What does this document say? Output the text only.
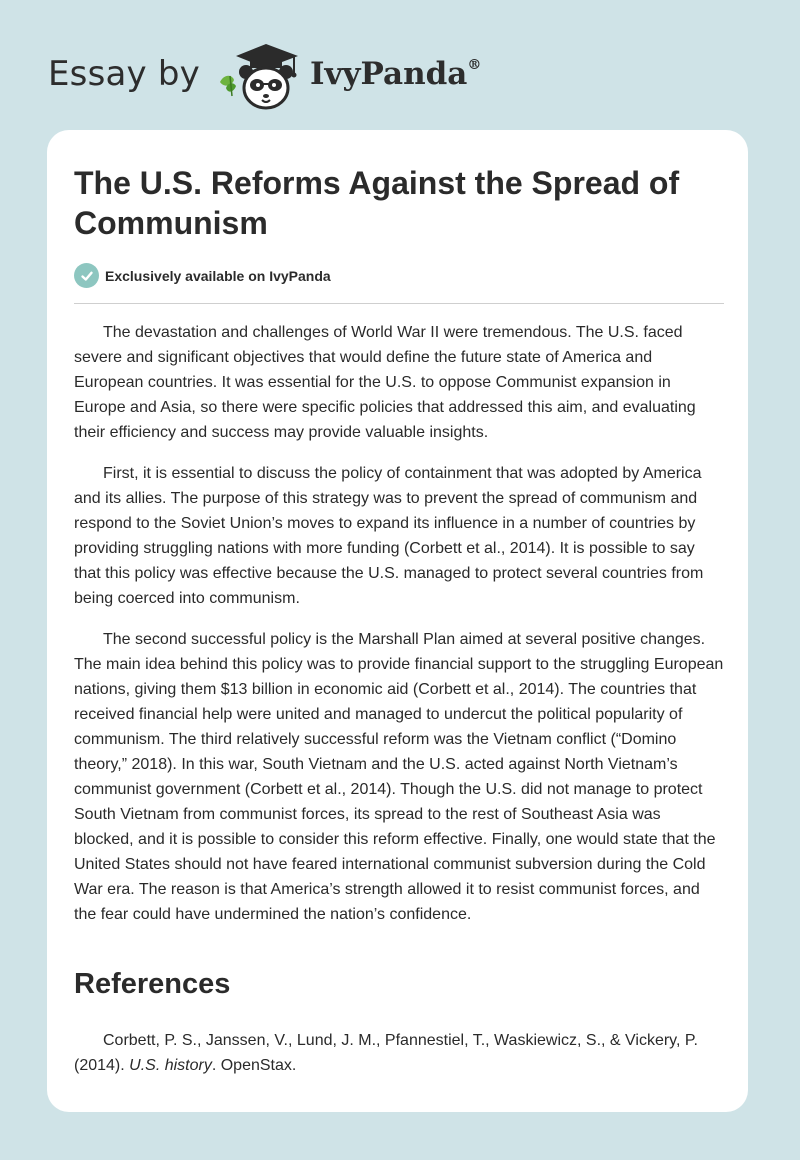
Essay by	IvyPanda®
The U.S. Reforms Against the Spread of Communism
Exclusively available on IvyPanda

The devastation and challenges of World War II were tremendous. The U.S. faced severe and significant objectives that would define the future state of America and European countries. It was essential for the U.S. to oppose Communist expansion in Europe and Asia, so there were specific policies that addressed this aim, and evaluating their efficiency and success may provide valuable insights.

First, it is essential to discuss the policy of containment that was adopted by America and its allies. The purpose of this strategy was to prevent the spread of communism and respond to the Soviet Union’s moves to expand its influence in a number of countries by providing struggling nations with more funding (Corbett et al., 2014). It is possible to say that this policy was effective because the U.S. managed to protect several countries from being coerced into communism.

The second successful policy is the Marshall Plan aimed at several positive changes. The main idea behind this policy was to provide financial support to the struggling European nations, giving them $13 billion in economic aid (Corbett et al., 2014). The countries that received financial help were united and managed to undercut the political popularity of communism. The third relatively successful reform was the Vietnam conflict (“Domino theory,” 2018). In this war, South Vietnam and the U.S. acted against North Vietnam’s communist government (Corbett et al., 2014). Though the U.S. did not manage to protect South Vietnam from communist forces, its spread to the rest of Southeast Asia was blocked, and it is possible to consider this reform effective. Finally, one would state that the United States should not have feared international communist subversion during the Cold War era. The reason is that America’s strength allowed it to resist communist forces, and the fear could have undermined the nation’s confidence.

References

Corbett, P. S., Janssen, V., Lund, J. M., Pfannestiel, T., Waskiewicz, S., & Vickery, P. (2014). U.S. history. OpenStax.
